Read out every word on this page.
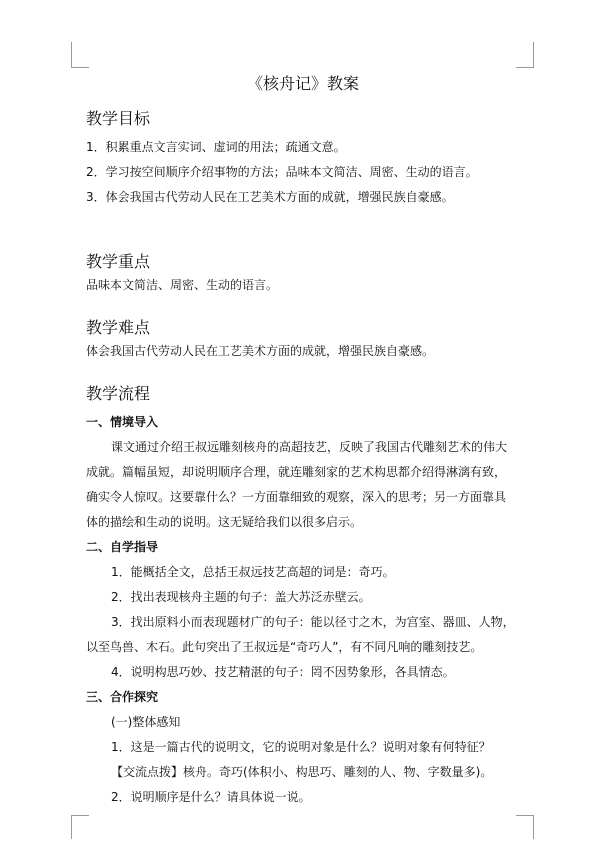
《核舟记》教案
教学目标
1．积累重点文言实词、虚词的用法；疏通文意。
2．学习按空间顺序介绍事物的方法；品味本文简洁、周密、生动的语言。
3．体会我国古代劳动人民在工艺美术方面的成就，增强民族自豪感。
教学重点
品味本文简洁、周密、生动的语言。
教学难点
体会我国古代劳动人民在工艺美术方面的成就，增强民族自豪感。
教学流程
一、情境导入
课文通过介绍王叔远雕刻核舟的高超技艺，反映了我国古代雕刻艺术的伟大
成就。篇幅虽短，却说明顺序合理，就连雕刻家的艺术构思都介绍得淋漓有致，
确实令人惊叹。这要靠什么？一方面靠细致的观察，深入的思考；另一方面靠具
体的描绘和生动的说明。这无疑给我们以很多启示。
二、自学指导
1．能概括全文，总括王叔远技艺高超的词是：奇巧。
2．找出表现核舟主题的句子：盖大苏泛赤壁云。
3．找出原料小而表现题材广的句子：能以径寸之木，为宫室、器皿、人物，
以至鸟兽、木石。此句突出了王叔远是“奇巧人”，有不同凡响的雕刻技艺。
4．说明构思巧妙、技艺精湛的句子：罔不因势象形，各具情态。
三、合作探究
(一)整体感知
1．这是一篇古代的说明文，它的说明对象是什么？说明对象有何特征？
【交流点拨】核舟。奇巧(体积小、构思巧、雕刻的人、物、字数量多)。
2．说明顺序是什么？请具体说一说。
